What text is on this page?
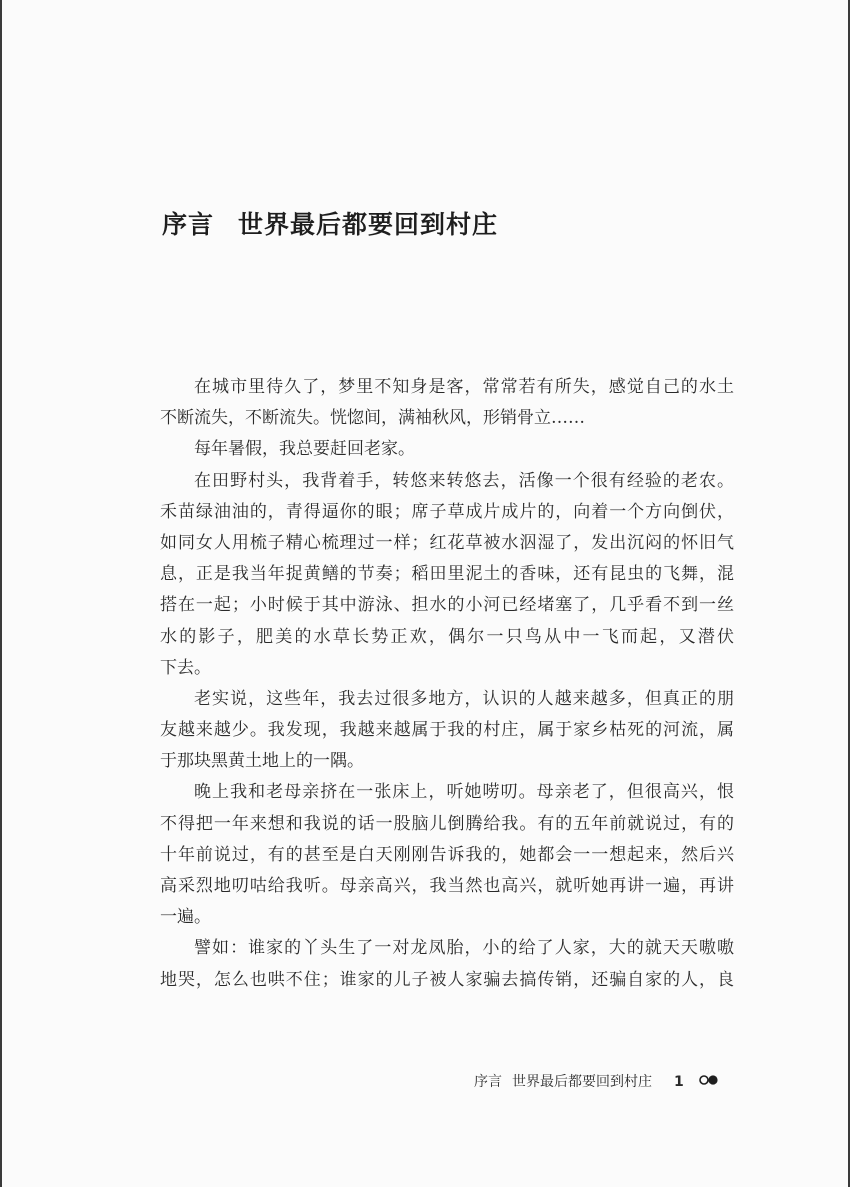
序言 世界最后都要回到村庄
在城市里待久了，梦里不知身是客，常常若有所失，感觉自己的水土
不断流失，不断流失。恍惚间，满袖秋风，形销骨立……
每年暑假，我总要赶回老家。
在田野村头，我背着手，转悠来转悠去，活像一个很有经验的老农。
禾苗绿油油的，青得逼你的眼；席子草成片成片的，向着一个方向倒伏，
如同女人用梳子精心梳理过一样；红花草被水泅湿了，发出沉闷的怀旧气
息，正是我当年捉黄鳝的节奏；稻田里泥土的香味，还有昆虫的飞舞，混
搭在一起；小时候于其中游泳、担水的小河已经堵塞了，几乎看不到一丝
水的影子，肥美的水草长势正欢，偶尔一只鸟从中一飞而起，又潜伏
下去。
老实说，这些年，我去过很多地方，认识的人越来越多，但真正的朋
友越来越少。我发现，我越来越属于我的村庄，属于家乡枯死的河流，属
于那块黑黄土地上的一隅。
晚上我和老母亲挤在一张床上，听她唠叨。母亲老了，但很高兴，恨
不得把一年来想和我说的话一股脑儿倒腾给我。有的五年前就说过，有的
十年前说过，有的甚至是白天刚刚告诉我的，她都会一一想起来，然后兴
高采烈地叨咕给我听。母亲高兴，我当然也高兴，就听她再讲一遍，再讲
一遍。
譬如：谁家的丫头生了一对龙凤胎，小的给了人家，大的就天天嗷嗷
地哭，怎么也哄不住；谁家的儿子被人家骗去搞传销，还骗自家的人，良
序言 世界最后都要回到村庄 1
